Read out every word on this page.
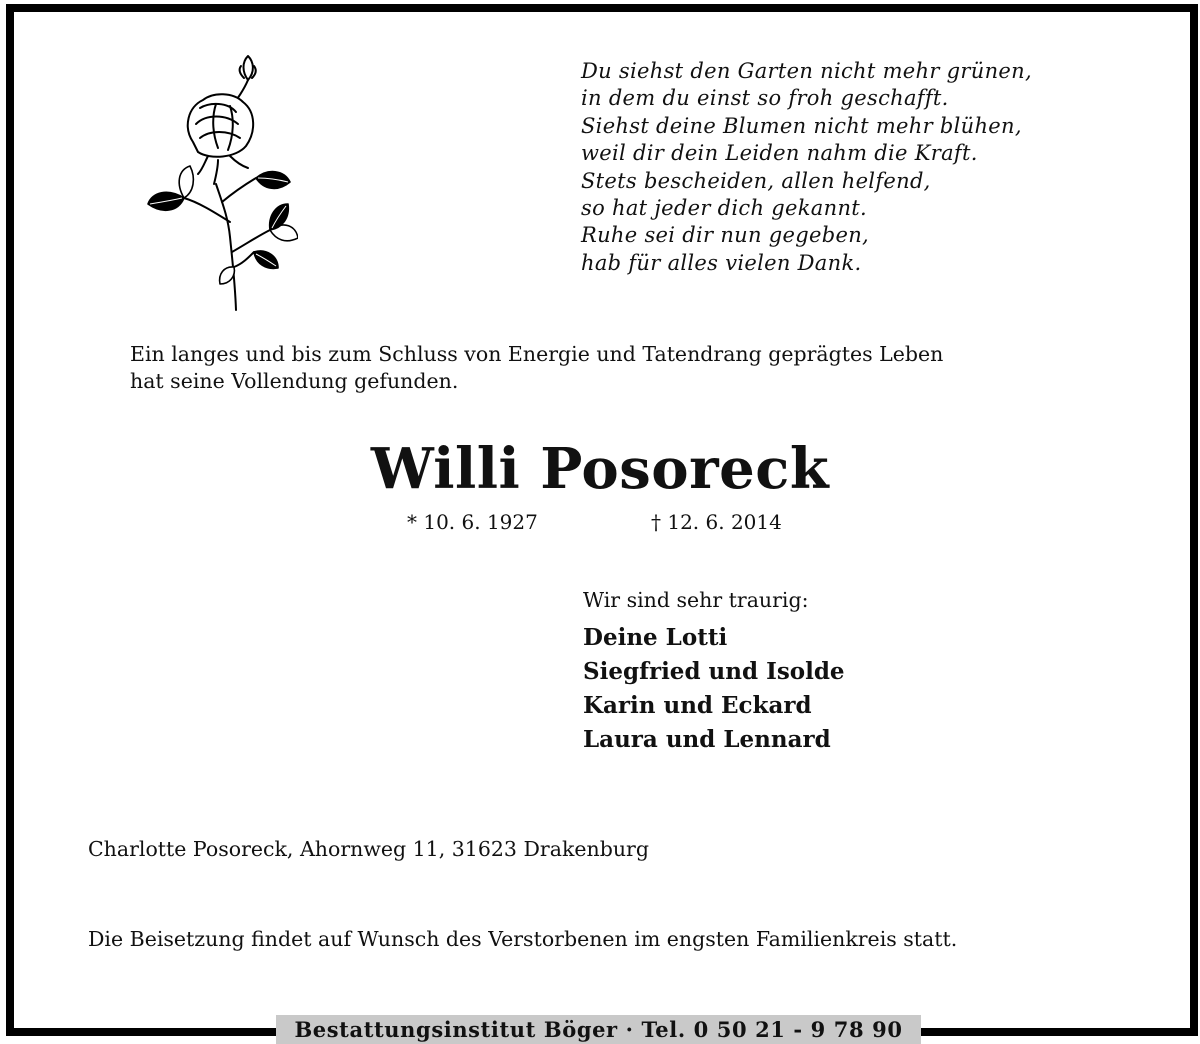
Du siehst den Garten nicht mehr grünen,
in dem du einst so froh geschafft.
Siehst deine Blumen nicht mehr blühen,
weil dir dein Leiden nahm die Kraft.
Stets bescheiden, allen helfend,
so hat jeder dich gekannt.
Ruhe sei dir nun gegeben,
hab für alles vielen Dank.
Ein langes und bis zum Schluss von Energie und Tatendrang geprägtes Leben
hat seine Vollendung gefunden.
Willi Posoreck
* 10. 6. 1927	† 12. 6. 2014
Wir sind sehr traurig:
Deine Lotti
Siegfried und Isolde
Karin und Eckard
Laura und Lennard
Charlotte Posoreck, Ahornweg 11, 31623 Drakenburg
Die Beisetzung findet auf Wunsch des Verstorbenen im engsten Familienkreis statt.
Bestattungsinstitut Böger · Tel. 0 50 21 - 9 78 90
